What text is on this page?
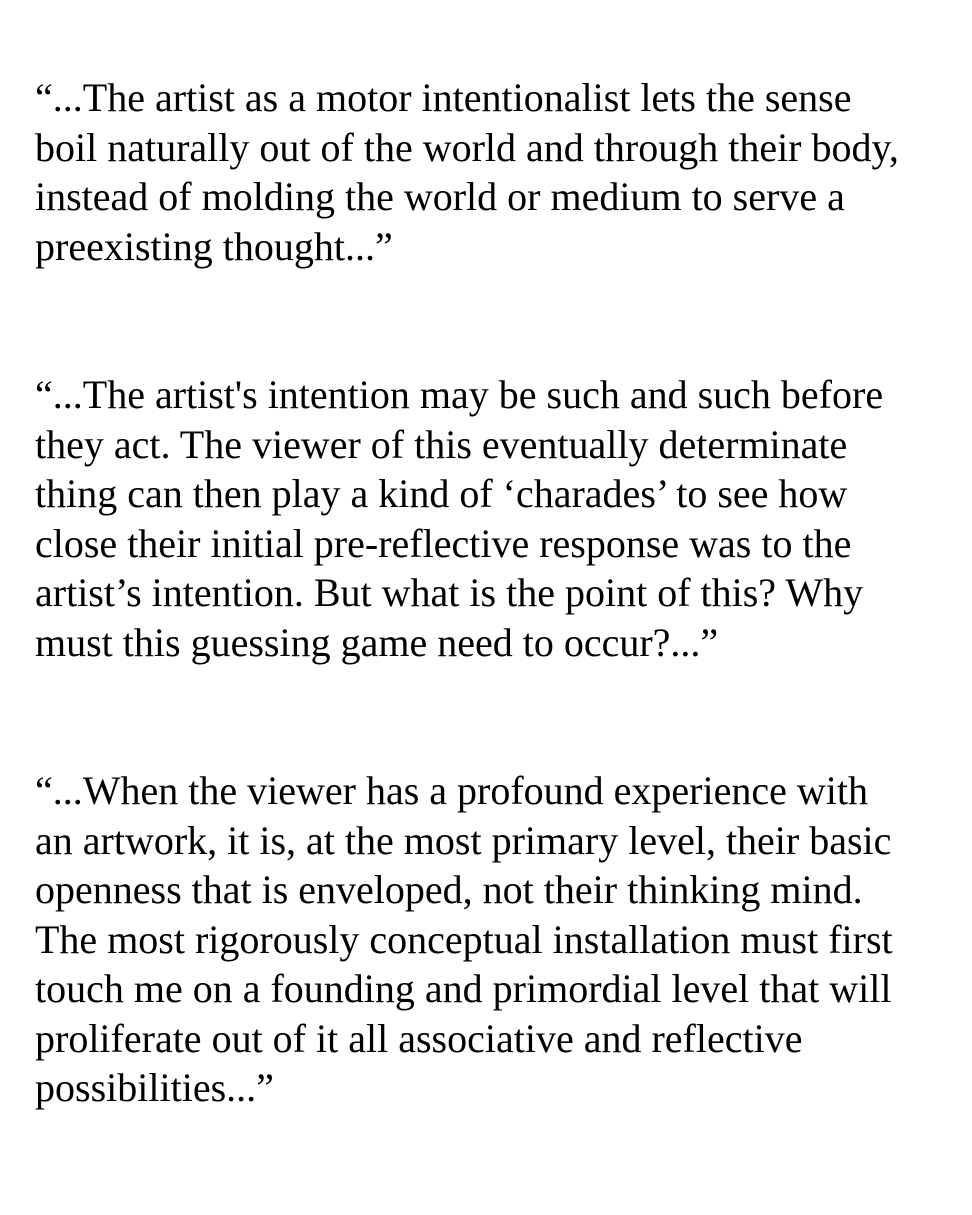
“...The artist as a motor intentionalist lets the sense
boil naturally out of the world and through their body,
instead of molding the world or medium to serve a
preexisting thought...”

“...The artist's intention may be such and such before
they act. The viewer of this eventually determinate
thing can then play a kind of ‘charades’ to see how
close their initial pre-reflective response was to the
artist’s intention. But what is the point of this? Why
must this guessing game need to occur?...”

“...When the viewer has a profound experience with
an artwork, it is, at the most primary level, their basic
openness that is enveloped, not their thinking mind.
The most rigorously conceptual installation must first
touch me on a founding and primordial level that will
proliferate out of it all associative and reflective
possibilities...”
